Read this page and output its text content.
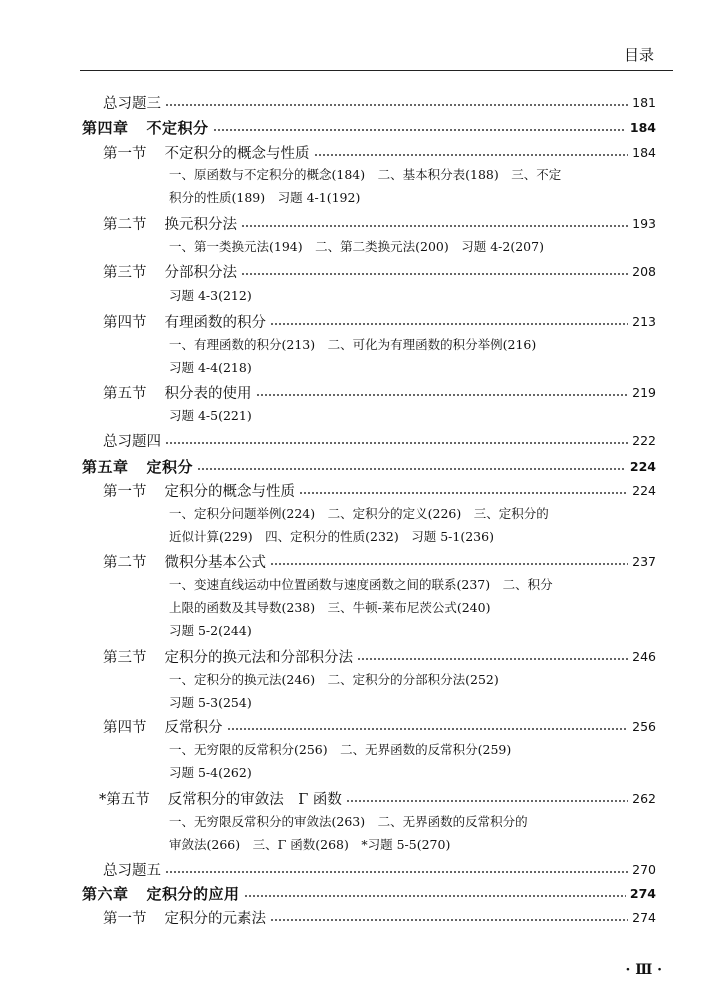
目录
总习题三	181
第四章 不定积分	184
第一节 不定积分的概念与性质	184
一、原函数与不定积分的概念(184)　二、基本积分表(188)　三、不定
积分的性质(189)　习题 4-1(192)
第二节 换元积分法	193
一、第一类换元法(194)　二、第二类换元法(200)　习题 4-2(207)
第三节 分部积分法	208
习题 4-3(212)
第四节 有理函数的积分	213
一、有理函数的积分(213)　二、可化为有理函数的积分举例(216)
习题 4-4(218)
第五节 积分表的使用	219
习题 4-5(221)
总习题四	222
第五章 定积分	224
第一节 定积分的概念与性质	224
一、定积分问题举例(224)　二、定积分的定义(226)　三、定积分的
近似计算(229)　四、定积分的性质(232)　习题 5-1(236)
第二节 微积分基本公式	237
一、变速直线运动中位置函数与速度函数之间的联系(237)　二、积分
上限的函数及其导数(238)　三、牛顿-莱布尼茨公式(240)
习题 5-2(244)
第三节 定积分的换元法和分部积分法	246
一、定积分的换元法(246)　二、定积分的分部积分法(252)
习题 5-3(254)
第四节 反常积分	256
一、无穷限的反常积分(256)　二、无界函数的反常积分(259)
习题 5-4(262)
*第五节 反常积分的审敛法　Γ 函数	262
一、无穷限反常积分的审敛法(263)　二、无界函数的反常积分的
审敛法(266)　三、Γ 函数(268)　*习题 5-5(270)
总习题五	270
第六章 定积分的应用	274
第一节 定积分的元素法	274
· Ⅲ ·
